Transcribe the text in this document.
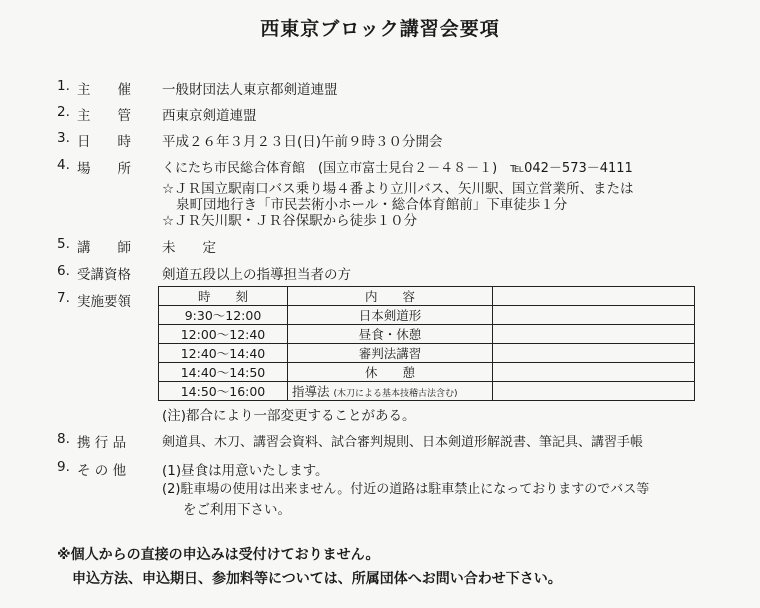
西東京ブロック講習会要項
1. 主　　催 一般財団法人東京都剣道連盟
2. 主　　管 西東京剣道連盟
3. 日　　時 平成２６年３月２３日(日)午前９時３０分開会
4. 場　　所 くにたち市民総合体育館　(国立市富士見台２－４８－１)　℡042－573－4111
☆ＪＲ国立駅南口バス乗り場４番より立川バス、矢川駅、国立営業所、または
泉町団地行き「市民芸術小ホール・総合体育館前」下車徒歩１分
☆ＪＲ矢川駅・ＪＲ谷保駅から徒歩１０分
5. 講　　師 未　　定
6. 受講資格 剣道五段以上の指導担当者の方
7. 実施要領	時　　刻	内　　容	
9:30～12:00	日本剣道形	
12:00～12:40	昼食・休憩	
12:40～14:40	審判法講習	
14:40～14:50	休　　憩	
14:50～16:00	指導法 (木刀による基本技稽古法含む)	
(注)都合により一部変更することがある。
8. 携 行 品	剣道具、木刀、講習会資料、試合審判規則、日本剣道形解説書、筆記具、講習手帳
9. そ の 他	(1)昼食は用意いたします。
(2)駐車場の使用は出来ません。付近の道路は駐車禁止になっておりますのでバス等
をご利用下さい。
※個人からの直接の申込みは受付けておりません。
申込方法、申込期日、参加料等については、所属団体へお問い合わせ下さい。
